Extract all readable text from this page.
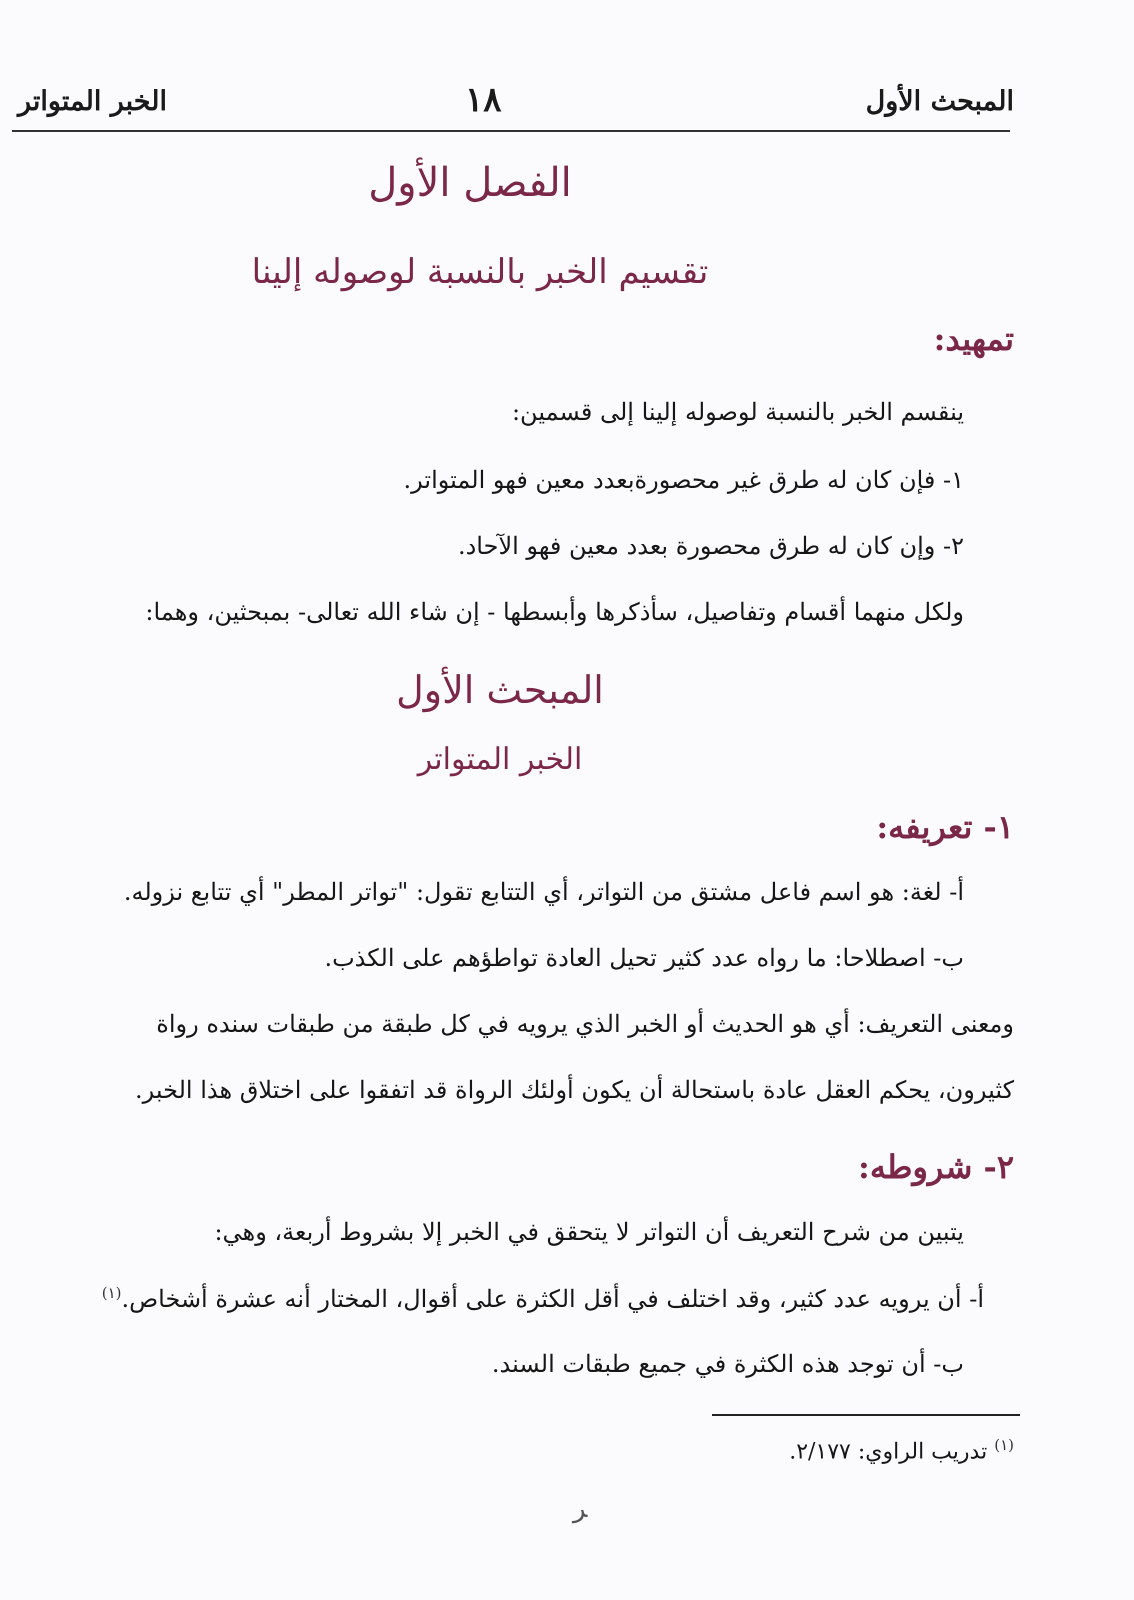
المبحث الأول
١٨
الخبر المتواتر
الفصل الأول
تقسيم الخبر بالنسبة لوصوله إلينا
تمهيد:
ينقسم الخبر بالنسبة لوصوله إلينا إلى قسمين:
١- فإن كان له طرق غير محصورةبعدد معين فهو المتواتر.
٢- وإن كان له طرق محصورة بعدد معين فهو الآحاد.
ولكل منهما أقسام وتفاصيل، سأذكرها وأبسطها - إن شاء الله تعالى- بمبحثين، وهما:
المبحث الأول
الخبر المتواتر
١- تعريفه:
أ- لغة: هو اسم فاعل مشتق من التواتر، أي التتابع تقول: "تواتر المطر" أي تتابع نزوله.
ب- اصطلاحا: ما رواه عدد كثير تحيل العادة تواطؤهم على الكذب.
ومعنى التعريف: أي هو الحديث أو الخبر الذي يرويه في كل طبقة من طبقات سنده رواة
كثيرون، يحكم العقل عادة باستحالة أن يكون أولئك الرواة قد اتفقوا على اختلاق هذا الخبر.
٢- شروطه:
يتبين من شرح التعريف أن التواتر لا يتحقق في الخبر إلا بشروط أربعة، وهي:
أ- أن يرويه عدد كثير، وقد اختلف في أقل الكثرة على أقوال، المختار أنه عشرة أشخاص.$^{(١)}$
ب- أن توجد هذه الكثرة في جميع طبقات السند.
$^{(١)}$ تدريب الراوي: ٢/١٧٧.
ﺮ
